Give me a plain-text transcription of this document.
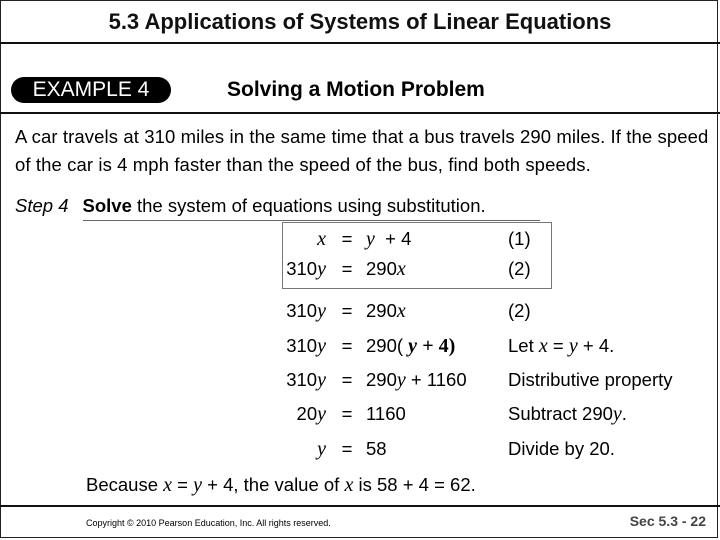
5.3 Applications of Systems of Linear Equations
EXAMPLE 4	Solving a Motion Problem
A car travels at 310 miles in the same time that a bus travels 290 miles. If the speed of the car is 4 mph faster than the speed of the bus, find both speeds.
Step 4 Solve the system of equations using substitution.
x = y + 4	(1)
310y = 290x	(2)
310y = 290x	(2)
310y = 290( y + 4)	Let x = y + 4.
310y = 290y + 1160 Distributive property
20y = 1160	Subtract 290y.
y = 58	Divide by 20.
Because x = y + 4, the value of x is 58 + 4 = 62.
Copyright © 2010 Pearson Education, Inc. All rights reserved.	Sec 5.3 - 22
